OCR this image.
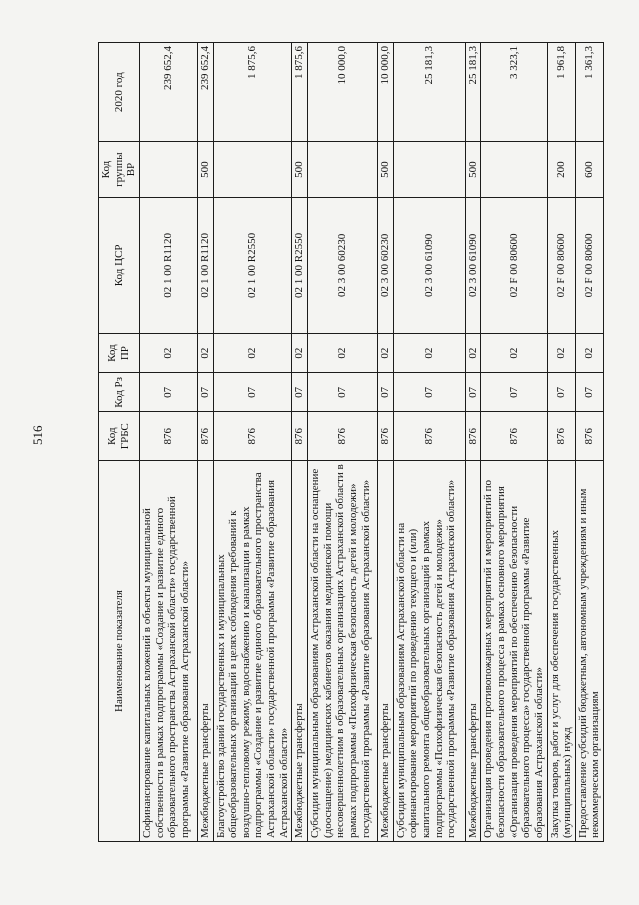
516
Наименование показателя	Код ГРБС	Код Рз	Код ПР	Код ЦСР	Код группы ВР	2020 год
Софинансирование капитальных вложений в объекты муниципальной собственности в рамках подпрограммы «Создание и развитие единого образовательного пространства Астраханской области» государственной программы «Развитие образования Астраханской области»	876	07	02	02 1 00 R1120		239 652,4
Межбюджетные трансферты	876	07	02	02 1 00 R1120	500	239 652,4
Благоустройство зданий государственных и муниципальных общеобразовательных организаций в целях соблюдения требований к воздушно-тепловому режиму, водоснабжению и канализации в рамках подпрограммы «Создание и развитие единого образовательного пространства Астраханской области» государственной программы «Развитие образования Астраханской области»	876	07	02	02 1 00 R2550		1 875,6
Межбюджетные трансферты	876	07	02	02 1 00 R2550	500	1 875,6
Субсидии муниципальным образованиям Астраханской области на оснащение (дооснащение) медицинских кабинетов оказания медицинской помощи несовершеннолетним в образовательных организациях Астраханской области в рамках подпрограммы «Психофизическая безопасность детей и молодежи» государственной программы «Развитие образования Астраханской области»	876	07	02	02 3 00 60230		10 000,0
Межбюджетные трансферты	876	07	02	02 3 00 60230	500	10 000,0
Субсидии муниципальным образованиям Астраханской области на софинансирование мероприятий по проведению текущего и (или) капитального ремонта общеобразовательных организаций в рамках подпрограммы «Психофизическая безопасность детей и молодежи» государственной программы «Развитие образования Астраханской области»	876	07	02	02 3 00 61090		25 181,3
Межбюджетные трансферты	876	07	02	02 3 00 61090	500	25 181,3
Организация проведения противопожарных мероприятий и мероприятий по безопасности образовательного процесса в рамках основного мероприятия «Организация проведения мероприятий по обеспечению безопасности образовательного процесса» государственной программы «Развитие образования Астраханской области»	876	07	02	02 F 00 80600		3 323,1
Закупка товаров, работ и услуг для обеспечения государственных (муниципальных) нужд	876	07	02	02 F 00 80600	200	1 961,8
Предоставление субсидий бюджетным, автономным учреждениям и иным некоммерческим организациям	876	07	02	02 F 00 80600	600	1 361,3
